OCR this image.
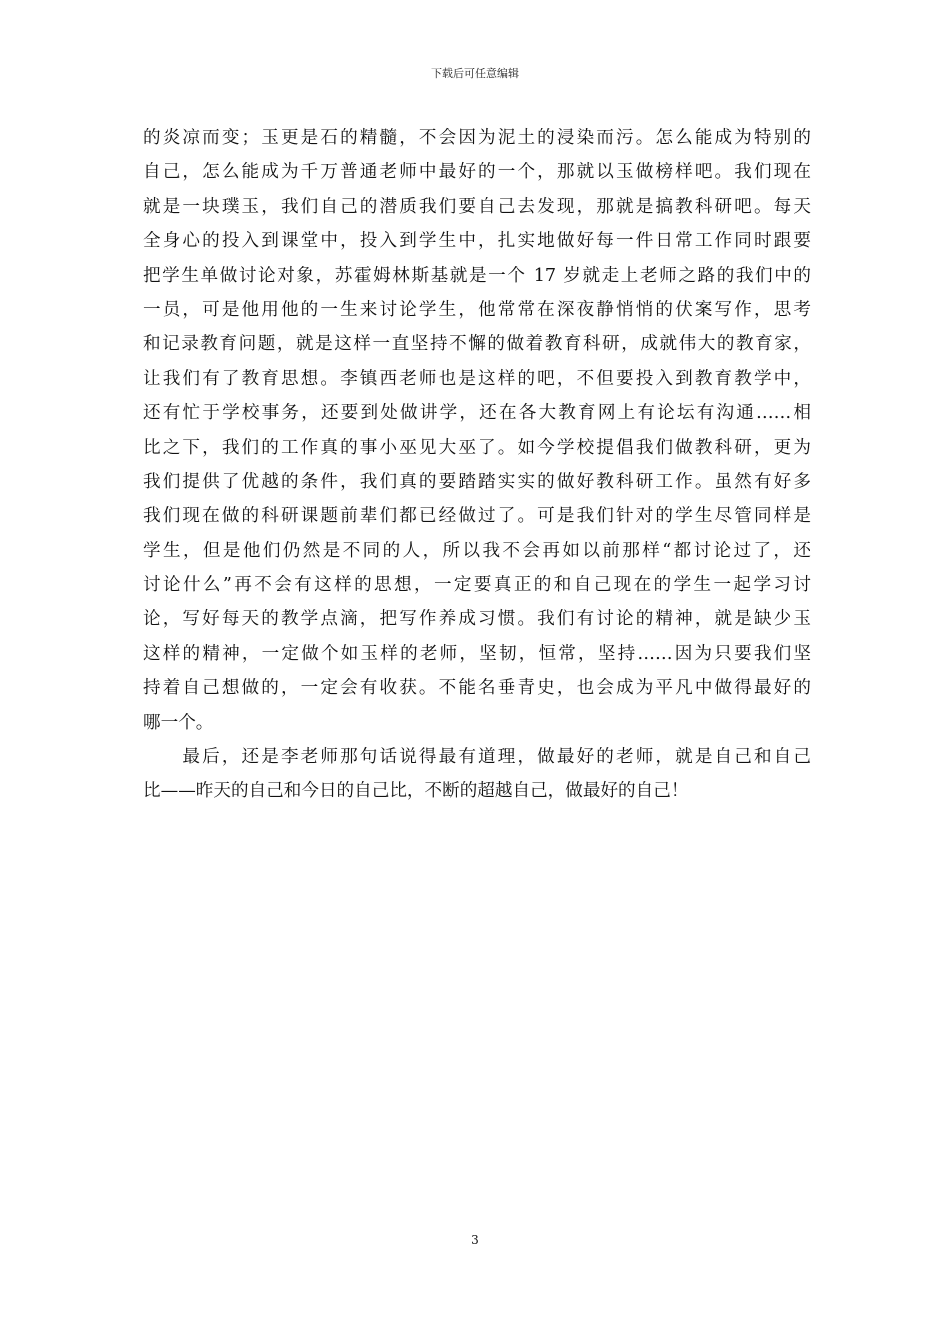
下载后可任意编辑
的炎凉而变；玉更是石的精髓，不会因为泥土的浸染而污。怎么能成为特别的
自己，怎么能成为千万普通老师中最好的一个，那就以玉做榜样吧。我们现在
就是一块璞玉，我们自己的潜质我们要自己去发现，那就是搞教科研吧。每天
全身心的投入到课堂中，投入到学生中，扎实地做好每一件日常工作同时跟要
把学生单做讨论对象，苏霍姆林斯基就是一个 17 岁就走上老师之路的我们中的
一员，可是他用他的一生来讨论学生，他常常在深夜静悄悄的伏案写作，思考
和记录教育问题，就是这样一直坚持不懈的做着教育科研，成就伟大的教育家，
让我们有了教育思想。李镇西老师也是这样的吧，不但要投入到教育教学中，
还有忙于学校事务，还要到处做讲学，还在各大教育网上有论坛有沟通……相
比之下，我们的工作真的事小巫见大巫了。如今学校提倡我们做教科研，更为
我们提供了优越的条件，我们真的要踏踏实实的做好教科研工作。虽然有好多
我们现在做的科研课题前辈们都已经做过了。可是我们针对的学生尽管同样是
学生，但是他们仍然是不同的人，所以我不会再如以前那样“都讨论过了，还
讨论什么”再不会有这样的思想，一定要真正的和自己现在的学生一起学习讨
论，写好每天的教学点滴，把写作养成习惯。我们有讨论的精神，就是缺少玉
这样的精神，一定做个如玉样的老师，坚韧，恒常，坚持……因为只要我们坚
持着自己想做的，一定会有收获。不能名垂青史，也会成为平凡中做得最好的
哪一个。
　　最后，还是李老师那句话说得最有道理，做最好的老师，就是自己和自己
比——昨天的自己和今日的自己比，不断的超越自己，做最好的自己！
3
